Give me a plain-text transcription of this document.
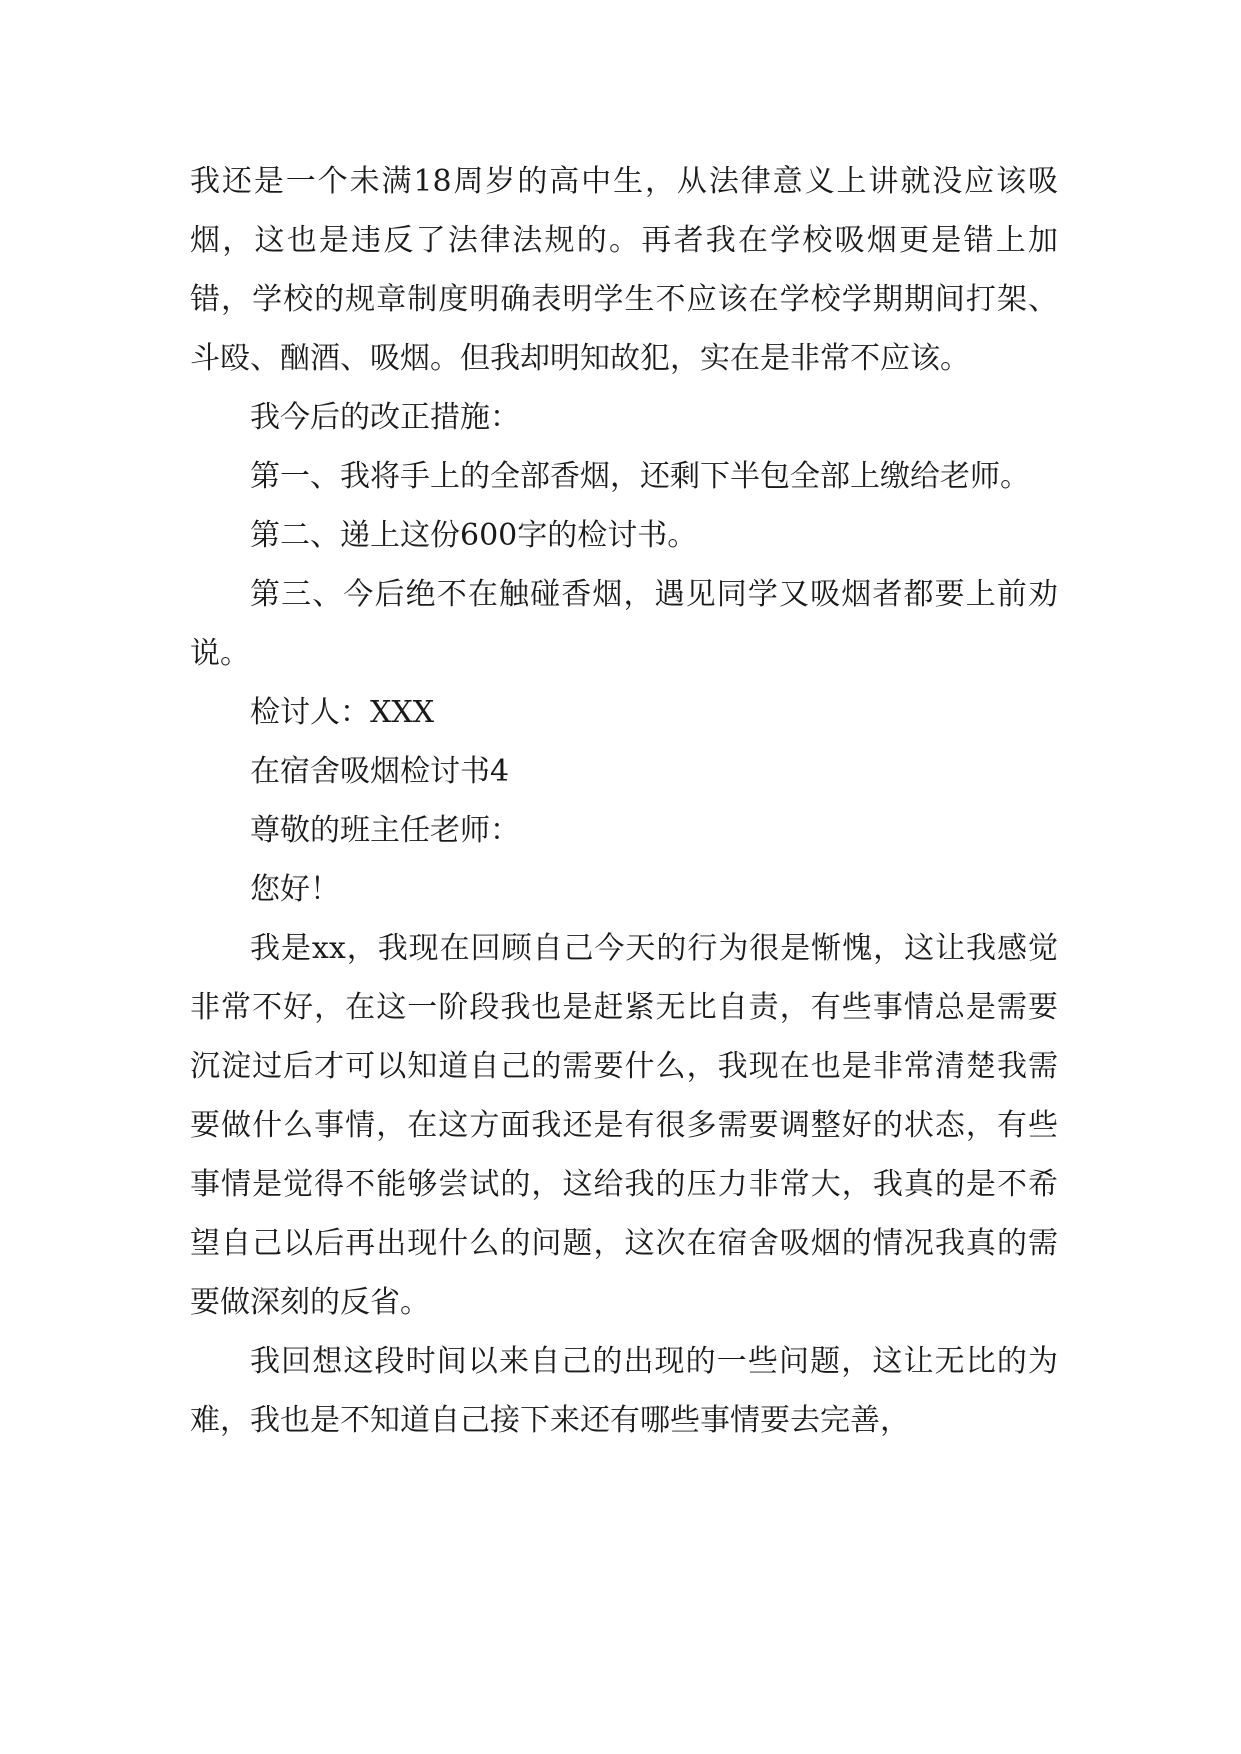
我还是一个未满18周岁的高中生，从法律意义上讲就没应该吸烟，这也是违反了法律法规的。再者我在学校吸烟更是错上加错，学校的规章制度明确表明学生不应该在学校学期期间打架、斗殴、酗酒、吸烟。但我却明知故犯，实在是非常不应该。

我今后的改正措施：

第一、我将手上的全部香烟，还剩下半包全部上缴给老师。

第二、递上这份600字的检讨书。

第三、今后绝不在触碰香烟，遇见同学又吸烟者都要上前劝说。

检讨人：XXX

在宿舍吸烟检讨书4

尊敬的班主任老师：

您好！

我是xx，我现在回顾自己今天的行为很是惭愧，这让我感觉非常不好，在这一阶段我也是赶紧无比自责，有些事情总是需要沉淀过后才可以知道自己的需要什么，我现在也是非常清楚我需要做什么事情，在这方面我还是有很多需要调整好的状态，有些事情是觉得不能够尝试的，这给我的压力非常大，我真的是不希望自己以后再出现什么的问题，这次在宿舍吸烟的情况我真的需要做深刻的反省。

我回想这段时间以来自己的出现的一些问题，这让无比的为难，我也是不知道自己接下来还有哪些事情要去完善，
